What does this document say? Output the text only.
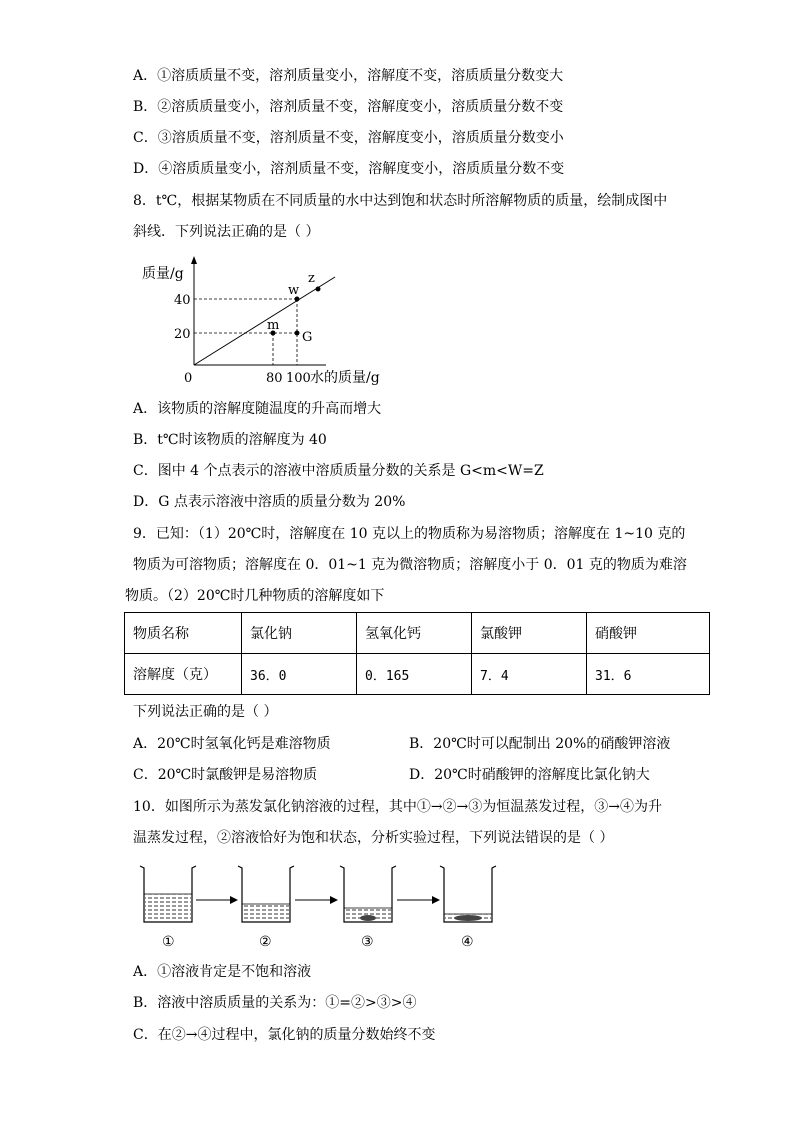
A．①溶质质量不变，溶剂质量变小，溶解度不变，溶质质量分数变大
B．②溶质质量变小，溶剂质量不变，溶解度变小，溶质质量分数不变
C．③溶质质量不变，溶剂质量不变，溶解度变小，溶质质量分数变小
D．④溶质质量变小，溶剂质量不变，溶解度变小，溶质质量分数不变
8．t℃，根据某物质在不同质量的水中达到饱和状态时所溶解物质的质量，绘制成图中
斜线．下列说法正确的是（ ）
质量/g
40
20
0	80 100 水的质量/g
w
z
m
G
A．该物质的溶解度随温度的升高而增大
B．t℃时该物质的溶解度为 40
C．图中 4 个点表示的溶液中溶质质量分数的关系是 G<m<W=Z
D．G 点表示溶液中溶质的质量分数为 20%
9．已知：（1）20℃时，溶解度在 10 克以上的物质称为易溶物质；溶解度在 1~10 克的
物质为可溶物质；溶解度在 0．01~1 克为微溶物质；溶解度小于 0．01 克的物质为难溶
物质。（2）20℃时几种物质的溶解度如下
物质名称	氯化钠	氢氧化钙	氯酸钾	硝酸钾
溶解度（克）	36．0	0．165	7．4	31．6
下列说法正确的是（ ）
A．20℃时氢氧化钙是难溶物质	B．20℃时可以配制出 20%的硝酸钾溶液
C．20℃时氯酸钾是易溶物质	D．20℃时硝酸钾的溶解度比氯化钠大
10．如图所示为蒸发氯化钠溶液的过程，其中①→②→③为恒温蒸发过程，③→④为升
温蒸发过程，②溶液恰好为饱和状态，分析实验过程，下列说法错误的是（ ）
①	②	③	④
A．①溶液肯定是不饱和溶液
B．溶液中溶质质量的关系为：①=②>③>④
C．在②→④过程中，氯化钠的质量分数始终不变
